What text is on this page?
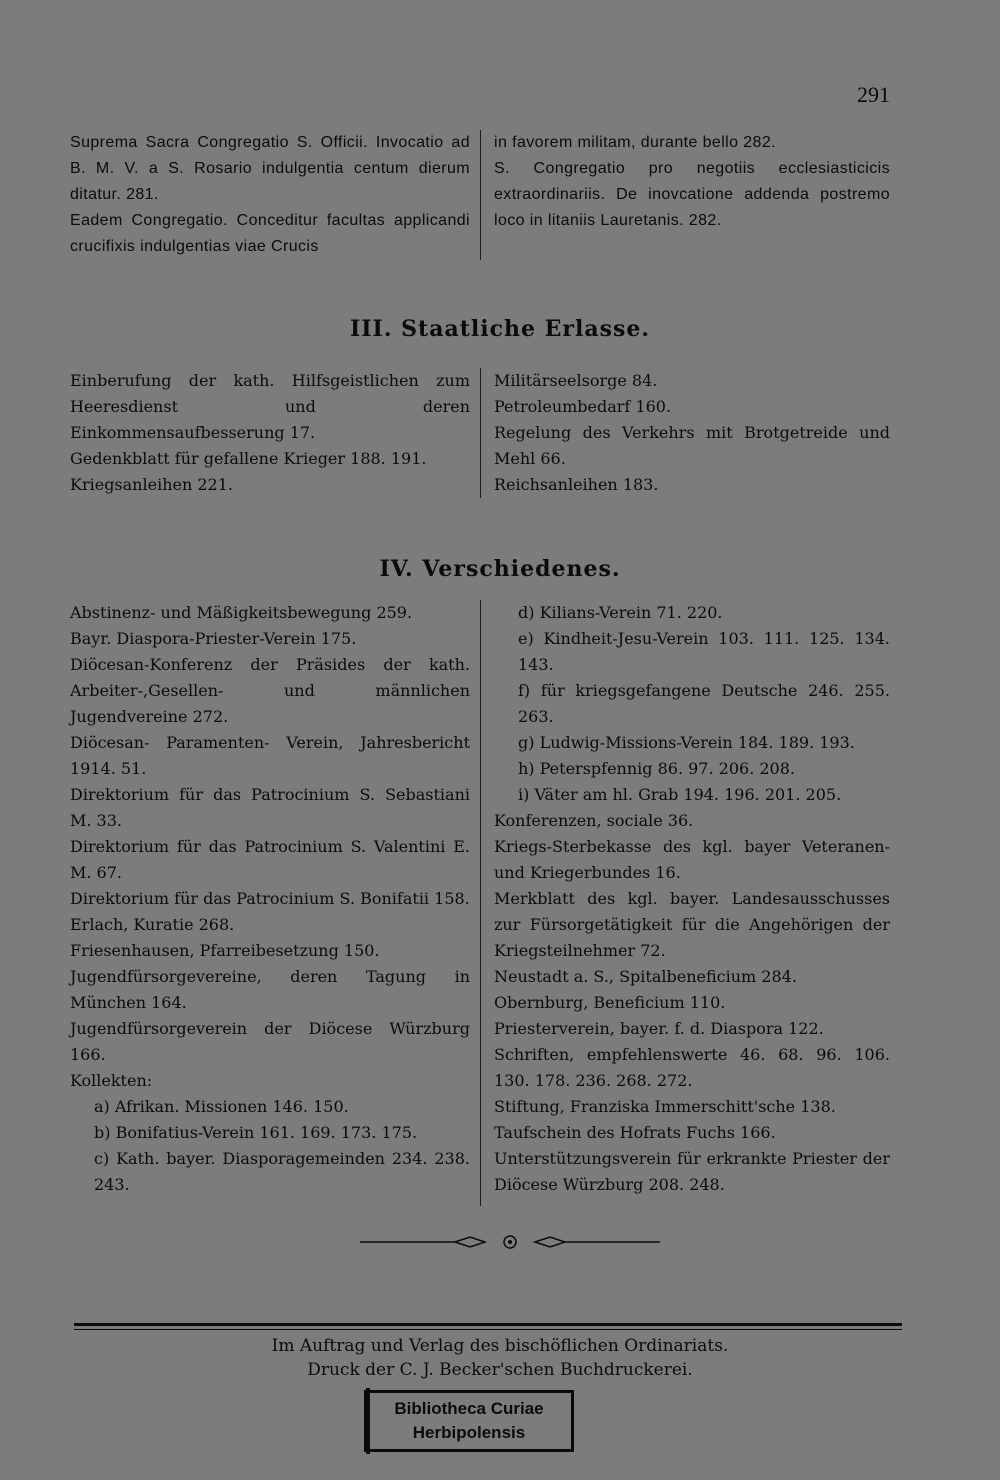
291
Suprema Sacra Congregatio S. Officii. Invocatio ad B. M. V. a S. Rosario indulgentia centum dierum ditatur. 281.
Eadem Congregatio. Conceditur facultas applicandi crucifixis indulgentias viae Crucis
in favorem militam, durante bello 282.
S. Congregatio pro negotiis ecclesiasticicis extraordinariis. De inovcatione addenda postremo loco in litaniis Lauretanis. 282.
III. Staatliche Erlasse.
Einberufung der kath. Hilfsgeistlichen zum Heeresdienst und deren Einkommensaufbesserung 17.
Gedenkblatt für gefallene Krieger 188. 191.
Kriegsanleihen 221.
Militärseelsorge 84.
Petroleumbedarf 160.
Regelung des Verkehrs mit Brotgetreide und Mehl 66.
Reichsanleihen 183.
IV. Verschiedenes.
Abstinenz- und Mäßigkeitsbewegung 259.
Bayr. Diaspora-Priester-Verein 175.
Diöcesan-Konferenz der Präsides der kath. Arbeiter-,Gesellen- und männlichen Jugendvereine 272.
Diöcesan- Paramenten- Verein, Jahresbericht 1914. 51.
Direktorium für das Patrocinium S. Sebastiani M. 33.
Direktorium für das Patrocinium S. Valentini E. M. 67.
Direktorium für das Patrocinium S. Bonifatii 158.
Erlach, Kuratie 268.
Friesenhausen, Pfarreibesetzung 150.
Jugendfürsorgevereine, deren Tagung in München 164.
Jugendfürsorgeverein der Diöcese Würzburg 166.
Kollekten:
a) Afrikan. Missionen 146. 150.
b) Bonifatius-Verein 161. 169. 173. 175.
c) Kath. bayer. Diasporagemeinden 234. 238. 243.
d) Kilians-Verein 71. 220.
e) Kindheit-Jesu-Verein 103. 111. 125. 134. 143.
f) für kriegsgefangene Deutsche 246. 255. 263.
g) Ludwig-Missions-Verein 184. 189. 193.
h) Peterspfennig 86. 97. 206. 208.
i) Väter am hl. Grab 194. 196. 201. 205.
Konferenzen, sociale 36.
Kriegs-Sterbekasse des kgl. bayer Veteranen- und Kriegerbundes 16.
Merkblatt des kgl. bayer. Landesausschusses zur Fürsorgetätigkeit für die Angehörigen der Kriegsteilnehmer 72.
Neustadt a. S., Spitalbeneficium 284.
Obernburg, Beneficium 110.
Priesterverein, bayer. f. d. Diaspora 122.
Schriften, empfehlenswerte 46. 68. 96. 106. 130. 178. 236. 268. 272.
Stiftung, Franziska Immerschitt'sche 138.
Taufschein des Hofrats Fuchs 166.
Unterstützungsverein für erkrankte Priester der Diöcese Würzburg 208. 248.
Im Auftrag und Verlag des bischöflichen Ordinariats.
Druck der C. J. Becker'schen Buchdruckerei.
Bibliotheca Curiae
Herbipolensis
